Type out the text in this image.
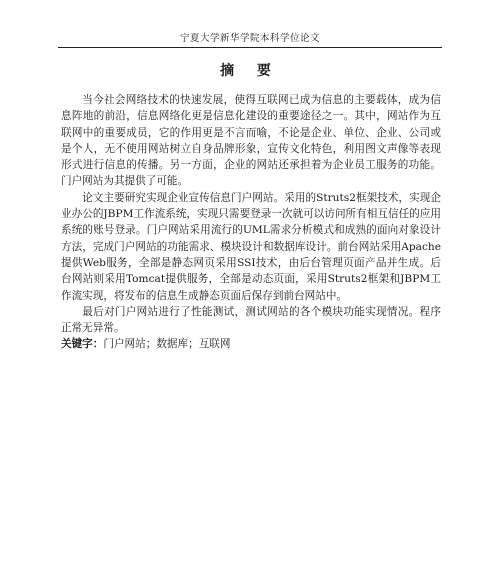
宁夏大学新华学院本科学位论文
摘 要

当今社会网络技术的快速发展，使得互联网已成为信息的主要载体，成为信息阵地的前沿，信息网络化更是信息化建设的重要途径之一。其中，网站作为互联网中的重要成员，它的作用更是不言而喻，不论是企业、单位、企业、公司或是个人，无不使用网站树立自身品牌形象，宣传文化特色，利用图文声像等表现形式进行信息的传播。另一方面，企业的网站还承担着为企业员工服务的功能。门户网站为其提供了可能。

论文主要研究实现企业宣传信息门户网站。采用的Struts2框架技术，实现企业办公的JBPM工作流系统，实现只需要登录一次就可以访问所有相互信任的应用系统的账号登录。门户网站采用流行的UML需求分析模式和成熟的面向对象设计方法，完成门户网站的功能需求、模块设计和数据库设计。前台网站采用Apache提供Web服务，全部是静态网页采用SSI技术，由后台管理页面产品并生成。后台网站则采用Tomcat提供服务，全部是动态页面，采用Struts2框架和JBPM工作流实现，将发布的信息生成静态页面后保存到前台网站中。

最后对门户网站进行了性能测试，测试网站的各个模块功能实现情况。程序正常无异常。

关键字：门户网站；数据库；互联网
